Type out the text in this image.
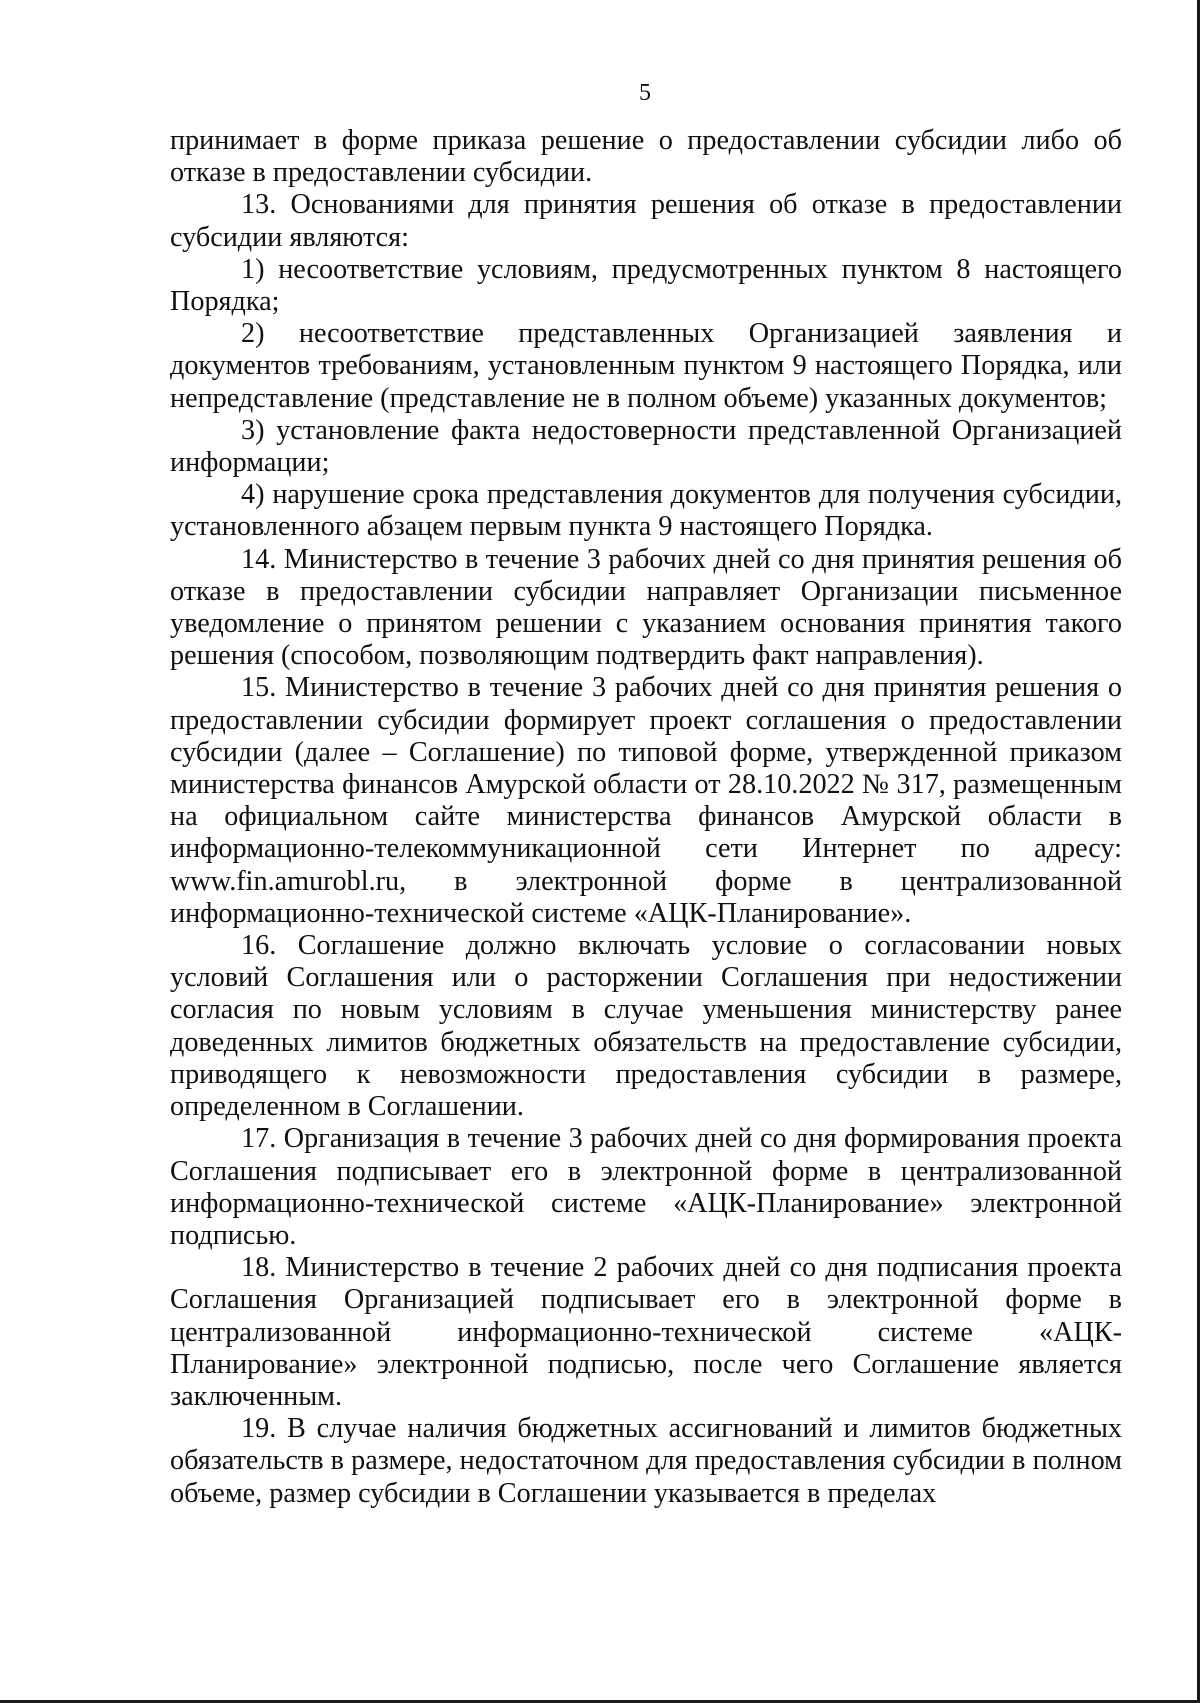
5

принимает в форме приказа решение о предоставлении субсидии либо об отказе в предоставлении субсидии.

13. Основаниями для принятия решения об отказе в предоставлении субсидии являются:

1) несоответствие условиям, предусмотренных пунктом 8 настоящего Порядка;

2) несоответствие представленных Организацией заявления и документов требованиям, установленным пунктом 9 настоящего Порядка, или непредставление (представление не в полном объеме) указанных документов;

3) установление факта недостоверности представленной Организацией информации;

4) нарушение срока представления документов для получения субсидии, установленного абзацем первым пункта 9 настоящего Порядка.

14. Министерство в течение 3 рабочих дней со дня принятия решения об отказе в предоставлении субсидии направляет Организации письменное уведомление о принятом решении с указанием основания принятия такого решения (способом, позволяющим подтвердить факт направления).

15. Министерство в течение 3 рабочих дней со дня принятия решения о предоставлении субсидии формирует проект соглашения о предоставлении субсидии (далее – Соглашение) по типовой форме, утвержденной приказом министерства финансов Амурской области от 28.10.2022 № 317, размещенным на официальном сайте министерства финансов Амурской области в информационно-телекоммуникационной сети Интернет по адресу: www.fin.amurobl.ru, в электронной форме в централизованной информационно-технической системе «АЦК-Планирование».

16. Соглашение должно включать условие о согласовании новых условий Соглашения или о расторжении Соглашения при недостижении согласия по новым условиям в случае уменьшения министерству ранее доведенных лимитов бюджетных обязательств на предоставление субсидии, приводящего к невозможности предоставления субсидии в размере, определенном в Соглашении.

17. Организация в течение 3 рабочих дней со дня формирования проекта Соглашения подписывает его в электронной форме в централизованной информационно-технической системе «АЦК-Планирование» электронной подписью.

18. Министерство в течение 2 рабочих дней со дня подписания проекта Соглашения Организацией подписывает его в электронной форме в централизованной информационно-технической системе «АЦК-Планирование» электронной подписью, после чего Соглашение является заключенным.

19. В случае наличия бюджетных ассигнований и лимитов бюджетных обязательств в размере, недостаточном для предоставления субсидии в полном объеме, размер субсидии в Соглашении указывается в пределах
